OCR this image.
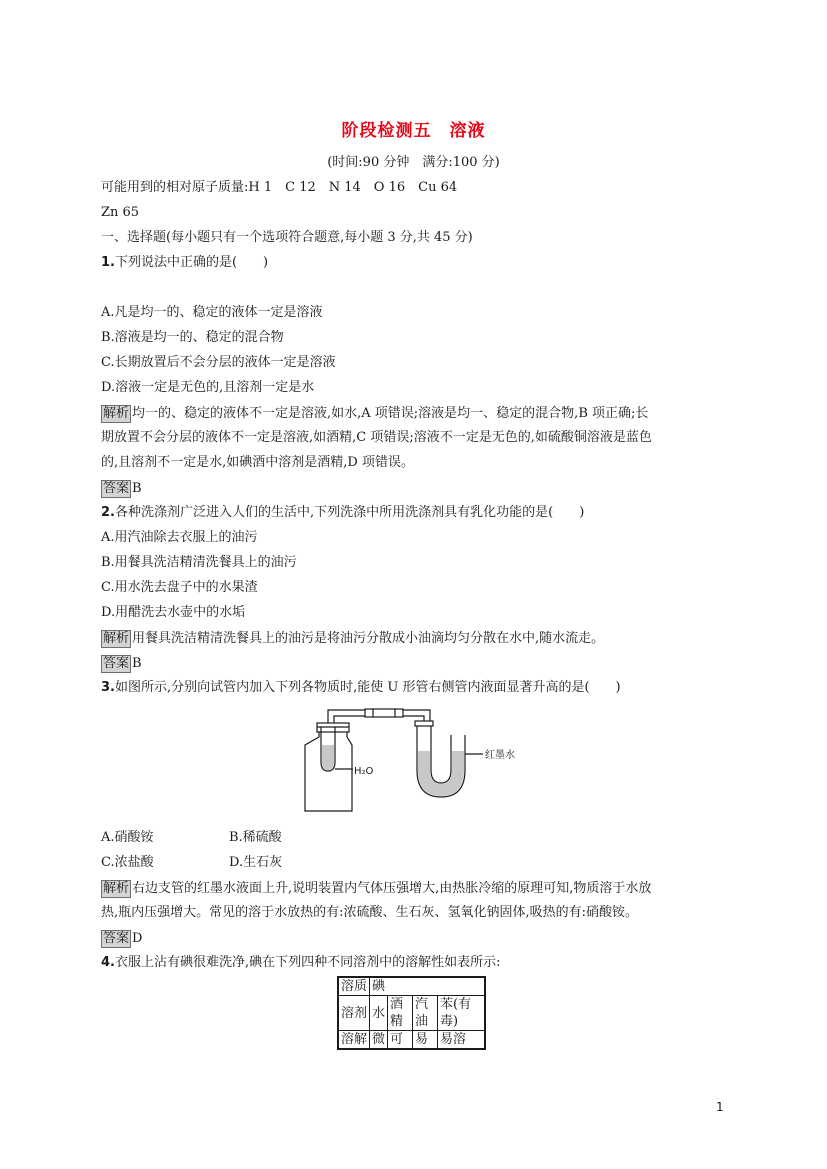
阶段检测五　溶液
(时间:90 分钟　满分:100 分)
可能用到的相对原子质量:H 1　C 12　N 14　O 16　Cu 64
Zn 65
一、选择题(每小题只有一个选项符合题意,每小题 3 分,共 45 分)
1.下列说法中正确的是(　　)
A.凡是均一的、稳定的液体一定是溶液
B.溶液是均一的、稳定的混合物
C.长期放置后不会分层的液体一定是溶液
D.溶液一定是无色的,且溶剂一定是水
解析 均一的、稳定的液体不一定是溶液,如水,A 项错误;溶液是均一、稳定的混合物,B 项正确;长
期放置不会分层的液体不一定是溶液,如酒精,C 项错误;溶液不一定是无色的,如硫酸铜溶液是蓝色
的,且溶剂不一定是水,如碘酒中溶剂是酒精,D 项错误。
答案 B
2.各种洗涤剂广泛进入人们的生活中,下列洗涤中所用洗涤剂具有乳化功能的是(　　)
A.用汽油除去衣服上的油污
B.用餐具洗洁精清洗餐具上的油污
C.用水洗去盘子中的水果渣
D.用醋洗去水壶中的水垢
解析 用餐具洗洁精清洗餐具上的油污是将油污分散成小油滴均匀分散在水中,随水流走。
答案 B
3.如图所示,分别向试管内加入下列各物质时,能使 U 形管右侧管内液面显著升高的是(　　)
H₂O
红墨水
A.硝酸铵	B.稀硫酸
C.浓盐酸	D.生石灰
解析 右边支管的红墨水液面上升,说明装置内气体压强增大,由热胀冷缩的原理可知,物质溶于水放
热,瓶内压强增大。常见的溶于水放热的有:浓硫酸、生石灰、氢氧化钠固体,吸热的有:硝酸铵。
答案 D
4.衣服上沾有碘很难洗净,碘在下列四种不同溶剂中的溶解性如表所示:
溶质	碘			
溶剂	水	酒精	汽油	苯(有毒)
溶解	微	可	易	易溶
1
